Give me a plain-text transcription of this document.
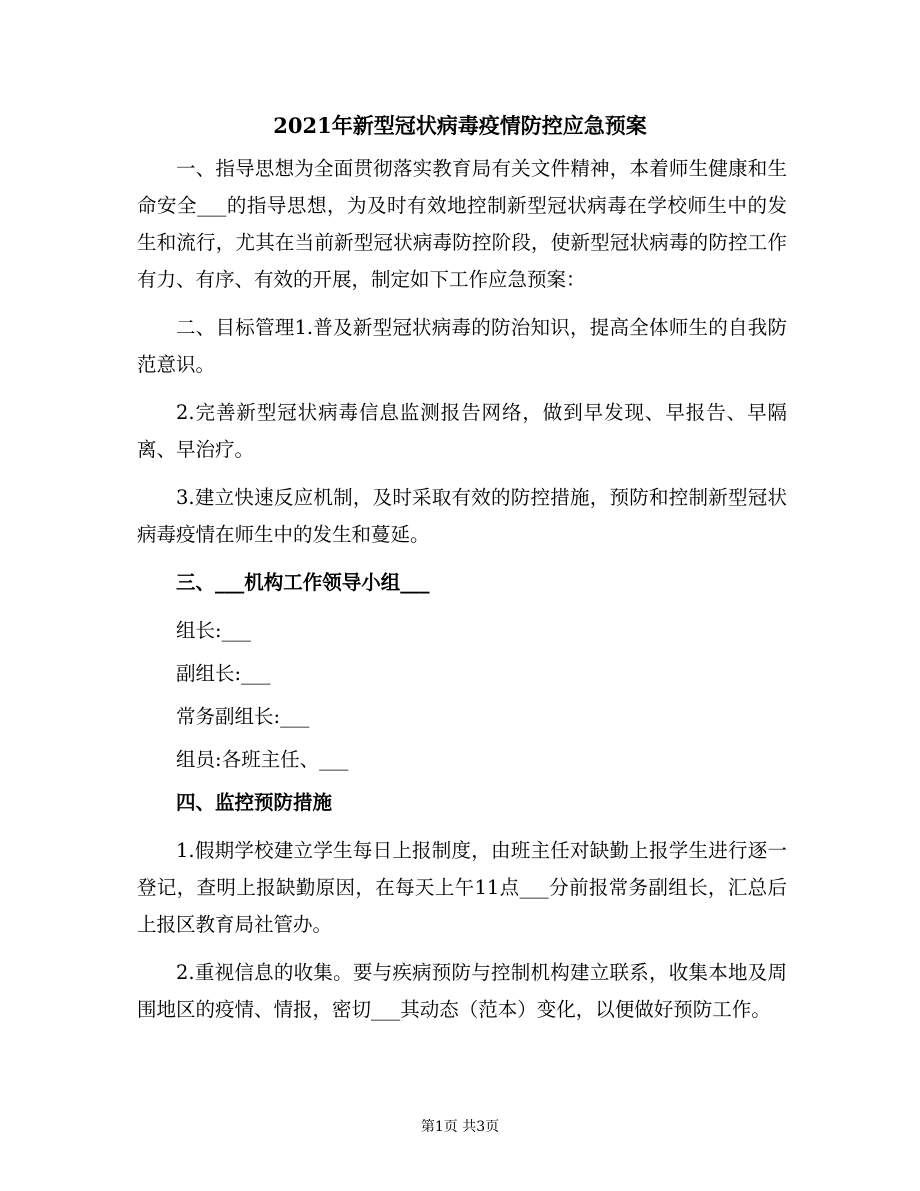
2021年新型冠状病毒疫情防控应急预案

一、指导思想为全面贯彻落实教育局有关文件精神，本着师生健康和生命安全___的指导思想，为及时有效地控制新型冠状病毒在学校师生中的发生和流行，尤其在当前新型冠状病毒防控阶段，使新型冠状病毒的防控工作有力、有序、有效的开展，制定如下工作应急预案：

二、目标管理1.普及新型冠状病毒的防治知识，提高全体师生的自我防范意识。

2.完善新型冠状病毒信息监测报告网络，做到早发现、早报告、早隔离、早治疗。

3.建立快速反应机制，及时采取有效的防控措施，预防和控制新型冠状病毒疫情在师生中的发生和蔓延。

三、___机构工作领导小组___

组长:___

副组长:___

常务副组长:___

组员:各班主任、___

四、监控预防措施

1.假期学校建立学生每日上报制度，由班主任对缺勤上报学生进行逐一登记，查明上报缺勤原因，在每天上午11点___分前报常务副组长，汇总后上报区教育局社管办。

2.重视信息的收集。要与疾病预防与控制机构建立联系，收集本地及周围地区的疫情、情报，密切___其动态（范本）变化，以便做好预防工作。

第1页 共3页
